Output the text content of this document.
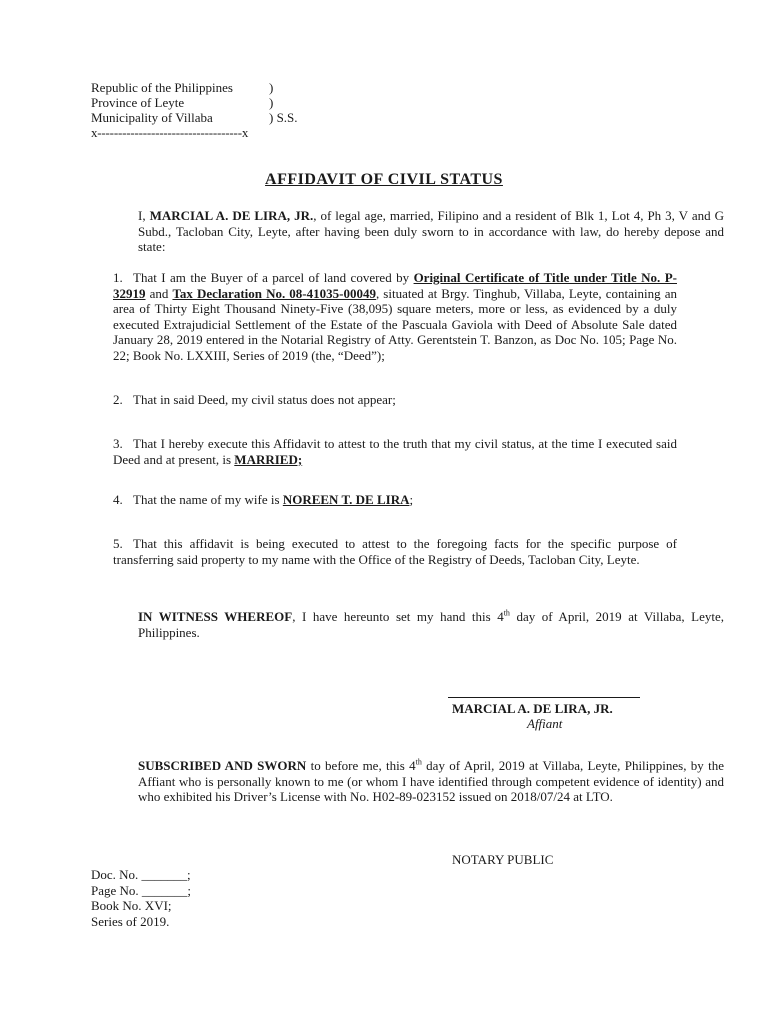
Republic of the Philippines	)
Province of Leyte	)
Municipality of Villaba	) S.S.
x-----------------------------------x
AFFIDAVIT OF CIVIL STATUS

I, MARCIAL A. DE LIRA, JR., of legal age, married, Filipino and a resident of Blk 1, Lot 4, Ph 3, V and G Subd., Tacloban City, Leyte, after having been duly sworn to in accordance with law, do hereby depose and state:

1. That I am the Buyer of a parcel of land covered by Original Certificate of Title under Title No. P-32919 and Tax Declaration No. 08-41035-00049, situated at Brgy. Tinghub, Villaba, Leyte, containing an area of Thirty Eight Thousand Ninety-Five (38,095) square meters, more or less, as evidenced by a duly executed Extrajudicial Settlement of the Estate of the Pascuala Gaviola with Deed of Absolute Sale dated January 28, 2019 entered in the Notarial Registry of Atty. Gerentstein T. Banzon, as Doc No. 105; Page No. 22; Book No. LXXIII, Series of 2019 (the, “Deed”);

2. That in said Deed, my civil status does not appear;

3. That I hereby execute this Affidavit to attest to the truth that my civil status, at the time I executed said Deed and at present, is MARRIED;

4. That the name of my wife is NOREEN T. DE LIRA;

5. That this affidavit is being executed to attest to the foregoing facts for the specific purpose of transferring said property to my name with the Office of the Registry of Deeds, Tacloban City, Leyte.

IN WITNESS WHEREOF, I have hereunto set my hand this 4th day of April, 2019 at Villaba, Leyte, Philippines.

MARCIAL A. DE LIRA, JR.
Affiant

SUBSCRIBED AND SWORN to before me, this 4th day of April, 2019 at Villaba, Leyte, Philippines, by the Affiant who is personally known to me (or whom I have identified through competent evidence of identity) and who exhibited his Driver’s License with No. H02-89-023152 issued on 2018/07/24 at LTO.

NOTARY PUBLIC
Doc. No. _______;
Page No. _______;
Book No. XVI;
Series of 2019.
